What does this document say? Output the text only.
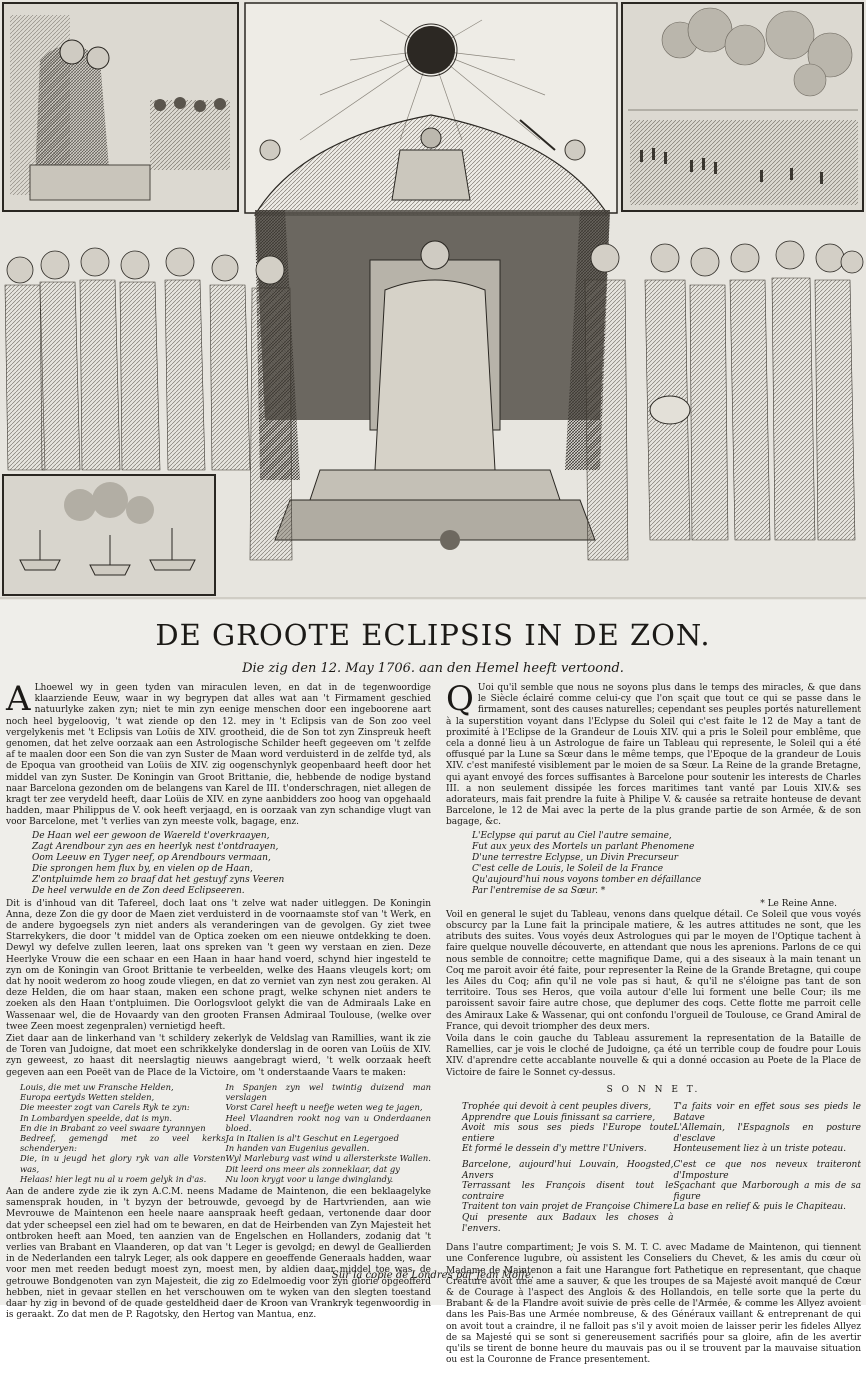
DE GROOTE ECLIPSIS IN DE ZON.
Die zig den 12. May 1706. aan den Hemel heeft vertoond.

A Lhoewel wy in geen tyden van miraculen leven, en dat in de tegenwoordige klaarziende Eeuw, waar in wy begrypen dat alles wat aan 't Firmament geschied natuurlyke zaken zyn; niet te min zyn eenige menschen door een ingeboorene aart noch heel bygeloovig, 't wat ziende op den 12. mey in 't Eclipsis van de Son zoo veel vergelykenis met 't Eclipsis van Loüis de XIV. grootheid, die de Son tot zyn Zinspreuk heeft genomen, dat het zelve oorzaak aan een Astrologische Schilder heeft gegeeven om 't zelfde af te maalen door een Son die van zyn Suster de Maan word verduisterd in de zelfde tyd, als de Epoqua van grootheid van Loüis de XIV. zig oogenschynlyk geopenbaard heeft door het middel van zyn Suster. De Koningin van Groot Brittanie, die, hebbende de nodige bystand naar Barcelona gezonden om de belangens van Karel de III. t'onderschragen, niet allegen de kragt ter zee verydeld heeft, daar Loüis de XIV. en zyne aanbidders zoo hoog van opgehaald hadden, maar Philippus de V. ook heeft verjaagd, en is oorzaak van zyn schandige vlugt van voor Barcelone, met 't verlies van zyn meeste volk, bagage, enz.

De Haan wel eer gewoon de Waereld t'overkraayen,
Zagt Arendbour zyn aes en heerlyk nest t'ontdraayen,
Oom Leeuw en Tyger neef, op Arendbours vermaan,
Die sprongen hem flux by, en vielen op de Haan,
Z'ontpluimde hem zo braaf dat het gestuyf zyns Veeren
De heel verwulde en de Zon deed Eclipseeren.

Dit is d'inhoud van dit Tafereel, doch laat ons 't zelve wat nader uitleggen. De Koningin Anna, deze Zon die gy door de Maen ziet verduisterd in de voornaamste stof van 't Werk, en de andere bygoegsels zyn niet anders als veranderingen van de gevolgen. Gy ziet twee Starrekykers, die door 't middel van de Optica zoeken om een nieuwe ontdekking te doen. Dewyl wy defelve zullen leeren, laat ons spreken van 't geen wy verstaan en zien. Deze Heerlyke Vrouw die een schaar en een Haan in haar hand voerd, schynd hier ingesteld te zyn om de Koningin van Groot Brittanie te verbeelden, welke des Haans vleugels kort; om dat hy nooit wederom zo hoog zoude vliegen, en dat zo verniet van zyn nest zou geraken. Al deze Helden, die om haar staan, maken een schone pragt, welke schynen niet anders te zoeken als den Haan t'ontpluimen. Die Oorlogsvloot gelykt die van de Admiraals Lake en Wassenaar wel, die de Hovaardy van den grooten Fransen Admiraal Toulouse, (welke over twee Zeen moest zegenpralen) vernietigd heeft.

Ziet daar aan de linkerhand van 't schildery zekerlyk de Veldslag van Ramillies, want ik zie de Toren van Judoigne, dat moet een schrikkelyke donderslag in de ooren van Loüis de XIV. zyn geweest, zo haast dit neerslagtig nieuws aangebragt wierd, 't welk oorzaak heeft gegeven aan een Poeët van de Place de la Victoire, om 't onderstaande Vaars te maken:

Louis, die met uw Fransche Helden,
Europa eertyds Wetten stelden,
Die meester zogt van Carels Ryk te zyn:
In Lombardyen speelde, dat is myn.
En die in Brabant zo veel swaare tyrannyen
Bedreef, gemengd met zo veel kerks schenderyen:
Die, in u jeugd het glory ryk van alle Vorsten was,
Helaas! hier legt nu al u roem gelyk in d'as.
In Spanjen zyn wel twintig duizend man verslagen
Vorst Carel heeft u neefje weten weg te jagen,
Heel Vlaandren rookt nog van u Onderdaanen bloed.
Ja in Italien is al't Geschut en Legergoed
In handen van Eugenius gevallen.
Wyl Marleburg vast wind u allersterkste Wallen.
Dit leerd ons meer als zonneklaar, dat gy
Nu loon krygt voor u lange dwinglandy.

Aan de andere zyde zie ik zyn A.C.M. neens Madame de Maintenon, die een beklaagelyke samensprak houden, in 't byzyn der betrouwde, gevoegd by de Hartvrienden, aan wie Mevrouwe de Maintenon een heele naare aanspraak heeft gedaan, vertonende daar door dat yder scheepsel een ziel had om te bewaren, en dat de Heirbenden van Zyn Majesteit het ontbroken heeft aan Moed, ten aanzien van de Engelschen en Hollanders, zodanig dat 't verlies van Brabant en Vlaanderen, op dat van 't Leger is gevolgd; en dewyl de Geallierden in de Nederlanden een talryk Leger, als ook dappere en geoeffende Generaals hadden, waar voor men met reeden bedugt moest zyn, moest men, by aldien daar middel toe was, de getrouwe Bondgenoten van zyn Majesteit, die zig zo Edelmoedig voor zyn glorie opgeofferd hebben, niet in gevaar stellen en het verschouwen om te wyken van den slegten toestand daar hy zig in bevond of de quade gesteldheid daer de Kroon van Vrankryk tegenwoordig in is geraakt. Zo dat men de P. Ragotsky, den Hertog van Mantua, enz.

Q Uoi qu'il semble que nous ne soyons plus dans le temps des miracles, & que dans le Siècle éclairé comme celui-cy que l'on sçait que tout ce qui se passe dans le firmament, sont des causes naturelles; cependant ses peuples portés naturellement à la superstition voyant dans l'Eclypse du Soleil qui c'est faite le 12 de May a tant de proximité à l'Eclipse de la Grandeur de Louis XIV. qui a pris le Soleil pour emblême, que cela a donné lieu à un Astrologue de faire un Tableau qui represente, le Soleil qui a été offusqué par la Lune sa Sœur dans le même temps, que l'Epoque de la grandeur de Louis XIV. c'est manifesté visiblement par le moien de sa Sœur. La Reine de la grande Bretagne, qui ayant envoyé des forces suffisantes à Barcelone pour soutenir les interests de Charles III. a non seulement dissipée les forces maritimes tant vanté par Louis XIV.& ses adorateurs, mais fait prendre la fuite à Philipe V. & causée sa retraite honteuse de devant Barcelone, le 12 de Mai avec la perte de la plus grande partie de son Armée, & de son bagage, &c.

L'Eclypse qui parut au Ciel l'autre semaine,
Fut aux yeux des Mortels un parlant Phenomene
D'une terrestre Eclypse, un Divin Precurseur
C'est celle de Louis, le Soleil de la France
Qu'aujourd'hui nous voyons tomber en défaillance
Par l'entremise de sa Sœur. *
* Le Reine Anne.

Voil en general le sujet du Tableau, venons dans quelque détail. Ce Soleil que vous voyés obscurcy par la Lune fait la principale matiere, & les autres attitudes ne sont, que les atributs des suites. Vous voyés deux Astrologues qui par le moyen de l'Optique tachent à faire quelque nouvelle découverte, en attendant que nous les aprenions. Parlons de ce qui nous semble de connoitre; cette magnifique Dame, qui a des siseaux à la main tenant un Coq me paroit avoir été faite, pour representer la Reine de la Grande Bretagne, qui coupe les Ailes du Coq; afin qu'il ne vole pas si haut, & qu'il ne s'éloigne pas tant de son territoire. Tous ses Heros, que voila autour d'elle lui forment une belle Cour; ils me paroissent savoir faire autre chose, que deplumer des coqs. Cette flotte me parroit celle des Amiraux Lake & Wassenar, qui ont confondu l'orgueil de Toulouse, ce Grand Amiral de France, qui devoit triompher des deux mers.

Voila dans le coin gauche du Tableau assurement la representation de la Bataille de Ramellies, car je vois le cloché de Judoigne, ça été un terrible coup de foudre pour Louis XIV. d'aprendre cette accablante nouvelle & qui a donné occasion au Poete de la Place de Victoire de faire le Sonnet cy-dessus.

S O N N E T.
Trophée qui devoit à cent peuples divers,
Apprendre que Louis finissant sa carriere,
Avoit mis sous ses pieds l'Europe toute entiere
Et formé le dessein d'y mettre l'Univers.
Barcelone, aujourd'hui Louvain, Hoogsted, Anvers
Terrassant les François disent tout le contraire
Traitent ton vain projet de Françoise Chimere
Qui presente aux Badaux les choses à l'envers.
T'a faits voir en effet sous ses pieds le Batave
L'Allemain, l'Espagnols en posture d'esclave
Honteusement liez à un triste poteau.
C'est ce que nos neveux traiteront d'Imposture
Sçachant que Marborough a mis de sa figure
La base en relief & puis le Chapiteau.

Dans l'autre compartiment; Je vois S. M. T. C. avec Madame de Maintenon, qui tiennent une Conference lugubre, où assistent les Conseliers du Chevet, & les amis du cœur où Madame de Maintenon a fait une Harangue fort Pathetique en representant, que chaque Créature avoit une ame a sauver, & que les troupes de sa Majesté avoit manqué de Cœur & de Courage à l'aspect des Anglois & des Hollandois, en telle sorte que la perte du Brabant & de la Flandre avoit suivie de près celle de l'Armée, & comme les Allyez avoient dans les Pais-Bas une Armée nombreuse, & des Généraux vaillant & entreprenant de qui on avoit tout a craindre, il ne falloit pas s'il y avoit moien de laisser perir les fideles Allyez de sa Majesté qui se sont si genereusement sacrifiés pour sa gloire, afin de les avertir qu'ils se tirent de bonne heure du mauvais pas ou il se trouvent par la mauvaise situation ou est la Couronne de France presentement.

Sur la copie de Londres par Jean Moffe.
